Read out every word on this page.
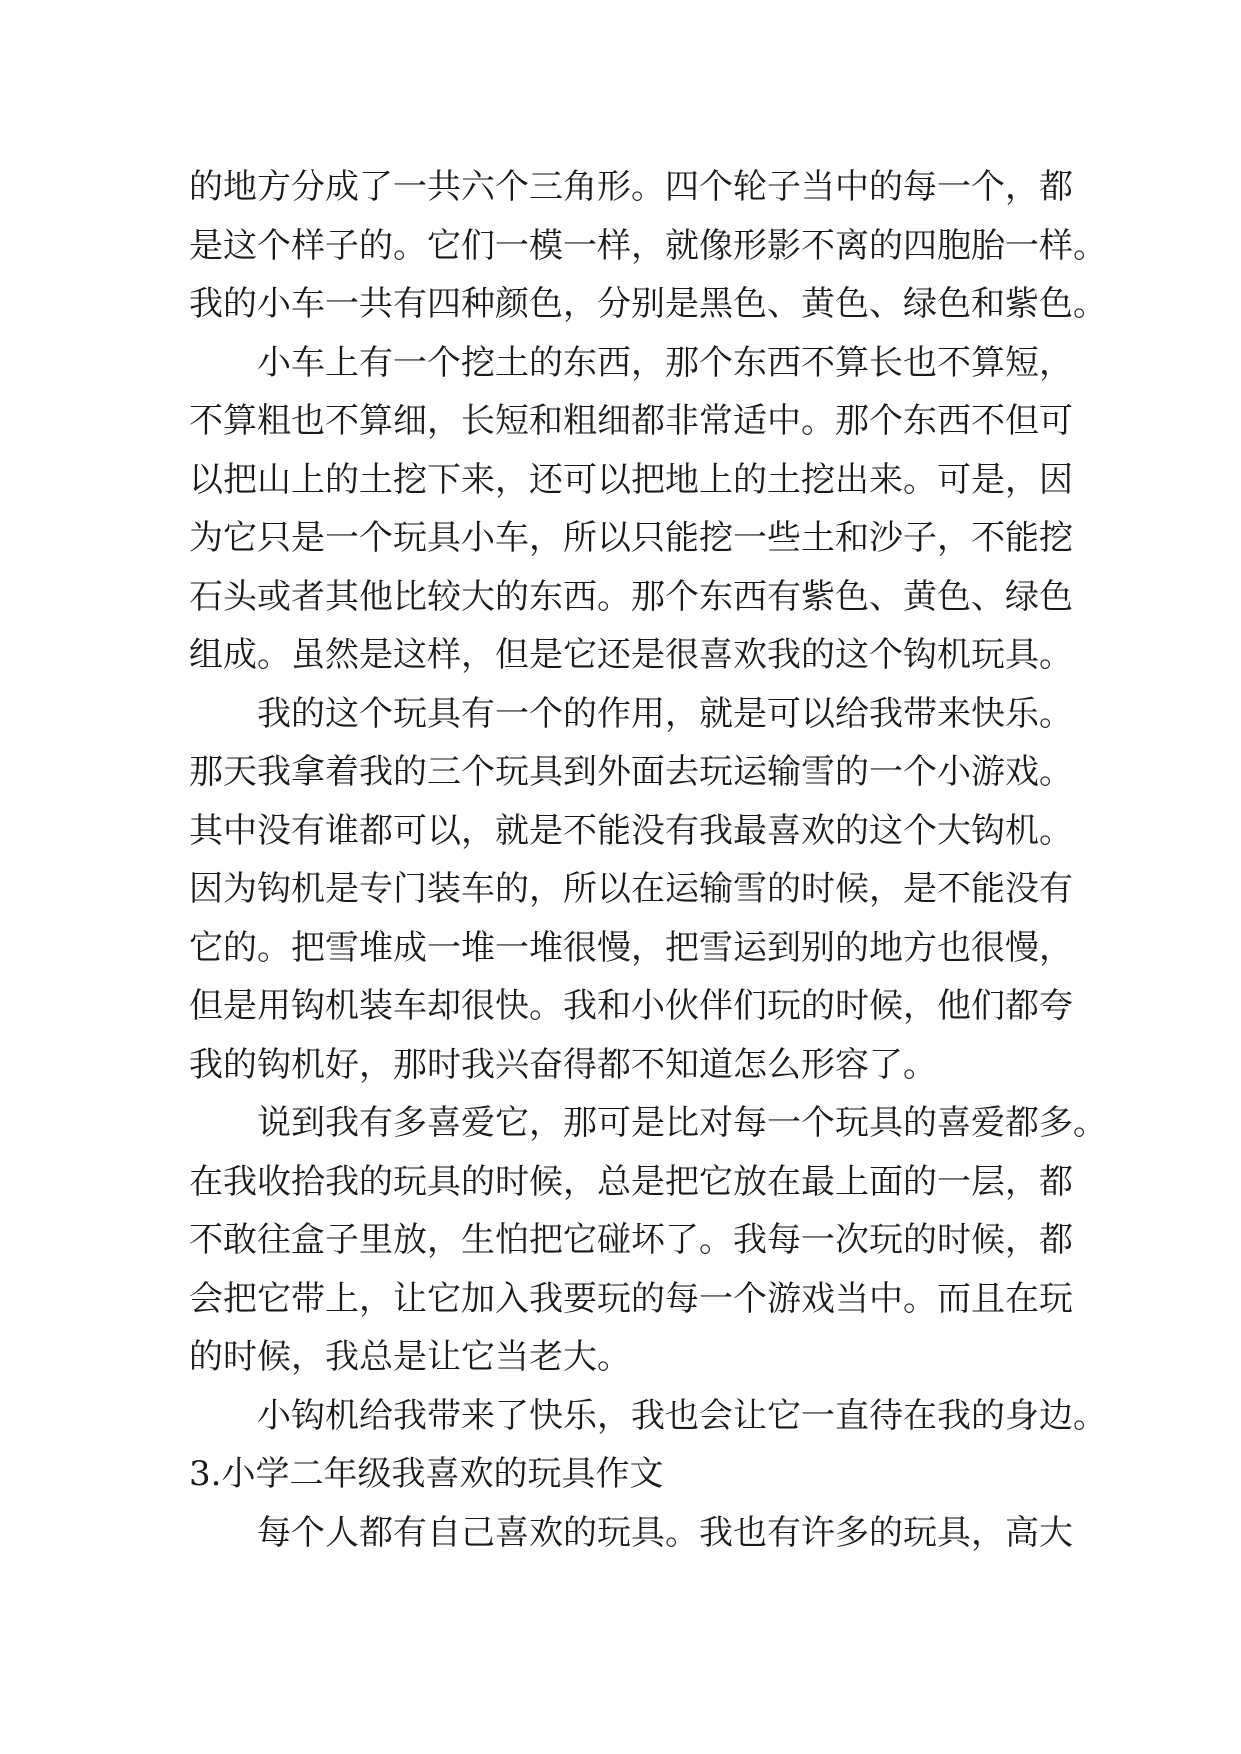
的地方分成了一共六个三角形。四个轮子当中的每一个，都
是这个样子的。它们一模一样，就像形影不离的四胞胎一样。
我的小车一共有四种颜色，分别是黑色、黄色、绿色和紫色。
小车上有一个挖土的东西，那个东西不算长也不算短，
不算粗也不算细，长短和粗细都非常适中。那个东西不但可
以把山上的土挖下来，还可以把地上的土挖出来。可是，因
为它只是一个玩具小车，所以只能挖一些土和沙子，不能挖
石头或者其他比较大的东西。那个东西有紫色、黄色、绿色
组成。虽然是这样，但是它还是很喜欢我的这个钩机玩具。
我的这个玩具有一个的作用，就是可以给我带来快乐。
那天我拿着我的三个玩具到外面去玩运输雪的一个小游戏。
其中没有谁都可以，就是不能没有我最喜欢的这个大钩机。
因为钩机是专门装车的，所以在运输雪的时候，是不能没有
它的。把雪堆成一堆一堆很慢，把雪运到别的地方也很慢，
但是用钩机装车却很快。我和小伙伴们玩的时候，他们都夸
我的钩机好，那时我兴奋得都不知道怎么形容了。
说到我有多喜爱它，那可是比对每一个玩具的喜爱都多。
在我收拾我的玩具的时候，总是把它放在最上面的一层，都
不敢往盒子里放，生怕把它碰坏了。我每一次玩的时候，都
会把它带上，让它加入我要玩的每一个游戏当中。而且在玩
的时候，我总是让它当老大。
小钩机给我带来了快乐，我也会让它一直待在我的身边。
3.小学二年级我喜欢的玩具作文
每个人都有自己喜欢的玩具。我也有许多的玩具，高大
